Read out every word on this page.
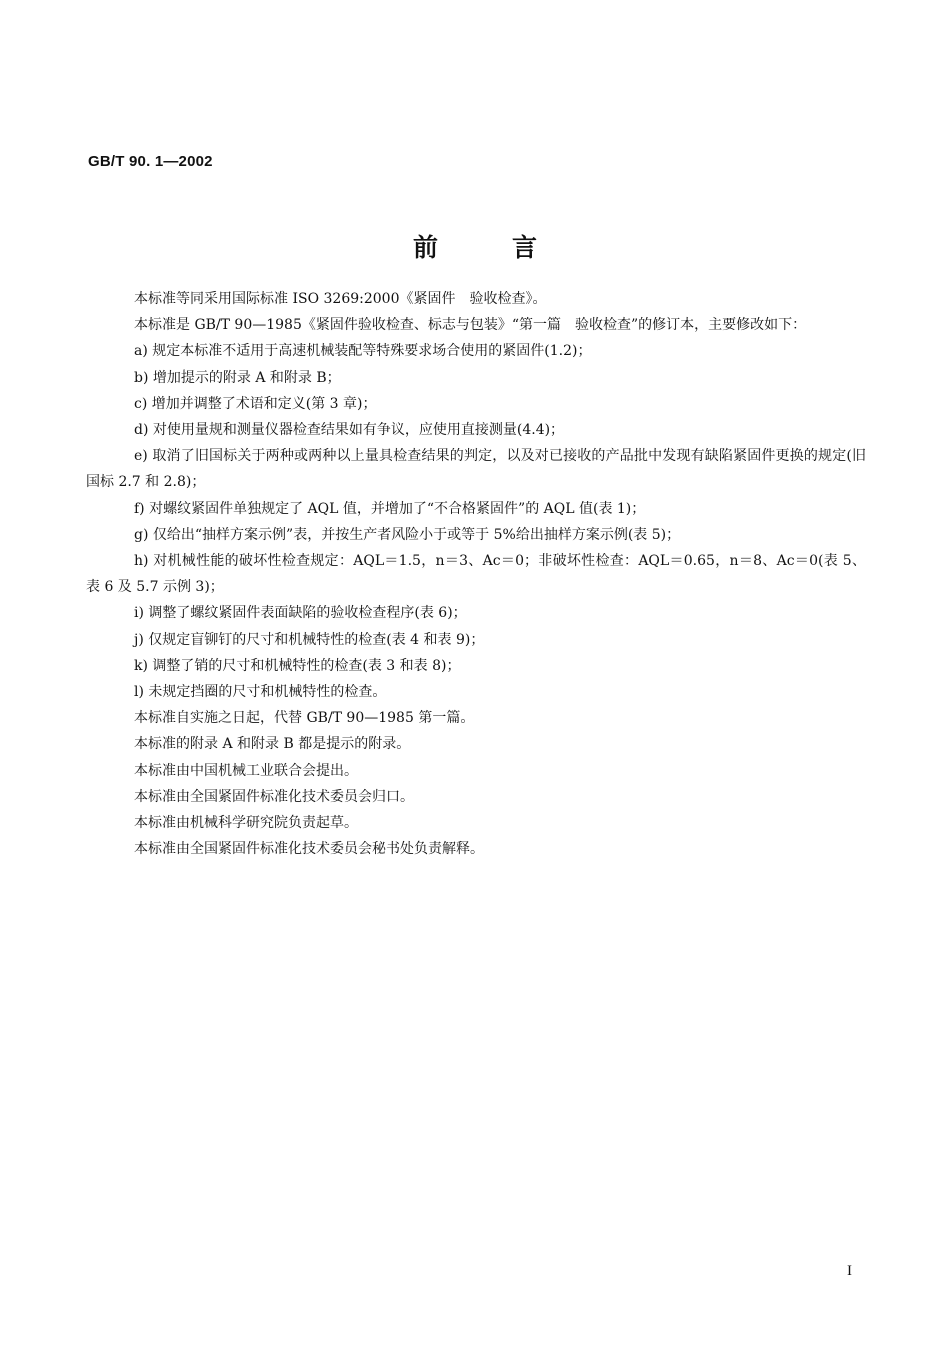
GB/T 90. 1—2002
前言

本标准等同采用国际标准 ISO 3269:2000《紧固件　验收检查》。

本标准是 GB/T 90—1985《紧固件验收检查、标志与包装》“第一篇　验收检查”的修订本，主要修改如下：

a) 规定本标准不适用于高速机械装配等特殊要求场合使用的紧固件(1.2)；

b) 增加提示的附录 A 和附录 B；

c) 增加并调整了术语和定义(第 3 章)；

d) 对使用量规和测量仪器检查结果如有争议，应使用直接测量(4.4)；

e) 取消了旧国标关于两种或两种以上量具检查结果的判定，以及对已接收的产品批中发现有缺陷紧固件更换的规定(旧国标 2.7 和 2.8)；

f) 对螺纹紧固件单独规定了 AQL 值，并增加了“不合格紧固件”的 AQL 值(表 1)；

g) 仅给出“抽样方案示例”表，并按生产者风险小于或等于 5%给出抽样方案示例(表 5)；

h) 对机械性能的破坏性检查规定：AQL＝1.5，n＝3、Ac＝0；非破坏性检查：AQL＝0.65，n＝8、Ac＝0(表 5、表 6 及 5.7 示例 3)；

i) 调整了螺纹紧固件表面缺陷的验收检查程序(表 6)；

j) 仅规定盲铆钉的尺寸和机械特性的检查(表 4 和表 9)；

k) 调整了销的尺寸和机械特性的检查(表 3 和表 8)；

l) 未规定挡圈的尺寸和机械特性的检查。

本标准自实施之日起，代替 GB/T 90—1985 第一篇。

本标准的附录 A 和附录 B 都是提示的附录。

本标准由中国机械工业联合会提出。

本标准由全国紧固件标准化技术委员会归口。

本标准由机械科学研究院负责起草。

本标准由全国紧固件标准化技术委员会秘书处负责解释。

I
